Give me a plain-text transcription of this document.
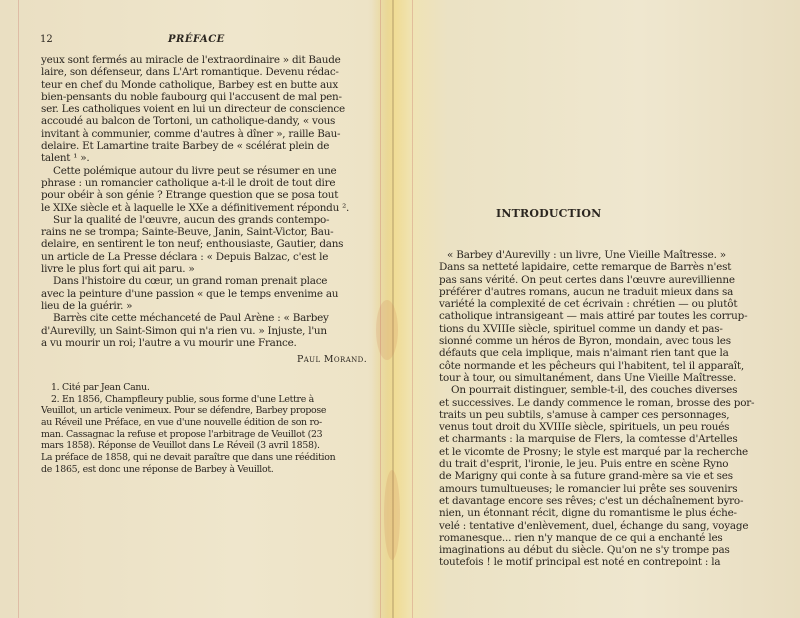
12	PRÉFACE
yeux sont fermés au miracle de l'extraordinaire » dit Baude
laire, son défenseur, dans L'Art romantique. Devenu rédac-
teur en chef du Monde catholique, Barbey est en butte aux
bien-pensants du noble faubourg qui l'accusent de mal pen-
ser. Les catholiques voient en lui un directeur de conscience
accoudé au balcon de Tortoni, un catholique-dandy, « vous
invitant à communier, comme d'autres à dîner », raille Bau-
delaire. Et Lamartine traite Barbey de « scélérat plein de
talent ¹ ».
Cette polémique autour du livre peut se résumer en une
phrase : un romancier catholique a-t-il le droit de tout dire
pour obéir à son génie ? Etrange question que se posa tout
le XIXe siècle et à laquelle le XXe a définitivement répondu ².
Sur la qualité de l'œuvre, aucun des grands contempo-
rains ne se trompa; Sainte-Beuve, Janin, Saint-Victor, Bau-
delaire, en sentirent le ton neuf; enthousiaste, Gautier, dans
un article de La Presse déclara : « Depuis Balzac, c'est le
livre le plus fort qui ait paru. »
Dans l'histoire du cœur, un grand roman prenait place
avec la peinture d'une passion « que le temps envenime au
lieu de la guérir. »
Barrès cite cette méchanceté de Paul Arène : « Barbey
d'Aurevilly, un Saint-Simon qui n'a rien vu. » Injuste, l'un
a vu mourir un roi; l'autre a vu mourir une France.
Paul Morand.
1. Cité par Jean Canu.
2. En 1856, Champfleury publie, sous forme d'une Lettre à
Veuillot, un article venimeux. Pour se défendre, Barbey propose
au Réveil une Préface, en vue d'une nouvelle édition de son ro-
man. Cassagnac la refuse et propose l'arbitrage de Veuillot (23
mars 1858). Réponse de Veuillot dans Le Réveil (3 avril 1858).
La préface de 1858, qui ne devait paraître que dans une réédition
de 1865, est donc une réponse de Barbey à Veuillot.
INTRODUCTION
« Barbey d'Aurevilly : un livre, Une Vieille Maîtresse. »
Dans sa netteté lapidaire, cette remarque de Barrès n'est
pas sans vérité. On peut certes dans l'œuvre aurevillienne
préférer d'autres romans, aucun ne traduit mieux dans sa
variété la complexité de cet écrivain : chrétien — ou plutôt
catholique intransigeant — mais attiré par toutes les corrup-
tions du XVIIIe siècle, spirituel comme un dandy et pas-
sionné comme un héros de Byron, mondain, avec tous les
défauts que cela implique, mais n'aimant rien tant que la
côte normande et les pêcheurs qui l'habitent, tel il apparaît,
tour à tour, ou simultanément, dans Une Vieille Maîtresse.
On pourrait distinguer, semble-t-il, des couches diverses
et successives. Le dandy commence le roman, brosse des por-
traits un peu subtils, s'amuse à camper ces personnages,
venus tout droit du XVIIIe siècle, spirituels, un peu roués
et charmants : la marquise de Flers, la comtesse d'Artelles
et le vicomte de Prosny; le style est marqué par la recherche
du trait d'esprit, l'ironie, le jeu. Puis entre en scène Ryno
de Marigny qui conte à sa future grand-mère sa vie et ses
amours tumultueuses; le romancier lui prête ses souvenirs
et davantage encore ses rêves; c'est un déchaînement byro-
nien, un étonnant récit, digne du romantisme le plus éche-
velé : tentative d'enlèvement, duel, échange du sang, voyage
romanesque... rien n'y manque de ce qui a enchanté les
imaginations au début du siècle. Qu'on ne s'y trompe pas
toutefois ! le motif principal est noté en contrepoint : la
